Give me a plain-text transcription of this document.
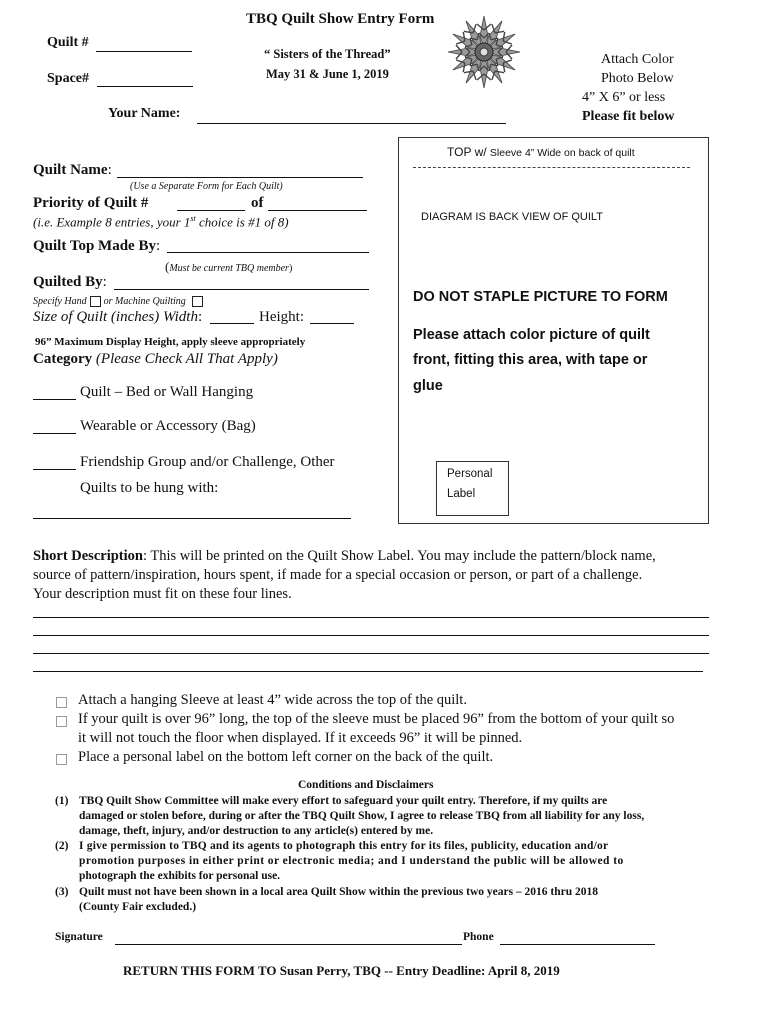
TBQ Quilt Show Entry Form
“ Sisters of the Thread”
May 31 & June 1, 2019
Quilt #
Space#
Attach Color
Photo Below
4” X 6” or less
Please fit below
Your Name:
Quilt Name:
(Use a Separate Form for Each Quilt)
Priority of Quilt #	of
(i.e. Example 8 entries, your 1st choice is #1 of 8)
Quilt Top Made By:
(Must be current TBQ member)
Quilted By:
Specify Hand or Machine Quilting
Size of Quilt (inches) Width:	Height:
96” Maximum Display Height, apply sleeve appropriately
Category (Please Check All That Apply)
Quilt – Bed or Wall Hanging
Wearable or Accessory (Bag)
Friendship Group and/or Challenge, Other
Quilts to be hung with:
TOP w/ Sleeve 4” Wide on back of quilt
DIAGRAM IS BACK VIEW OF QUILT
DO NOT STAPLE PICTURE TO FORM
Please attach color picture of quilt
front, fitting this area, with tape or
glue
Personal
Label
Short Description: This will be printed on the Quilt Show Label. You may include the pattern/block name,
source of pattern/inspiration, hours spent, if made for a special occasion or person, or part of a challenge.
Your description must fit on these four lines.
Attach a hanging Sleeve at least 4” wide across the top of the quilt.
If your quilt is over 96” long, the top of the sleeve must be placed 96” from the bottom of your quilt so
it will not touch the floor when displayed. If it exceeds 96” it will be pinned.
Place a personal label on the bottom left corner on the back of the quilt.
Conditions and Disclaimers
(1) TBQ Quilt Show Committee will make every effort to safeguard your quilt entry. Therefore, if my quilts are
damaged or stolen before, during or after the TBQ Quilt Show, I agree to release TBQ from all liability for any loss,
damage, theft, injury, and/or destruction to any article(s) entered by me.
(2) I give permission to TBQ and its agents to photograph this entry for its files, publicity, education and/or
promotion purposes in either print or electronic media; and I understand the public will be allowed to
photograph the exhibits for personal use.
(3) Quilt must not have been shown in a local area Quilt Show within the previous two years – 2016 thru 2018
(County Fair excluded.)
Signature	Phone
RETURN THIS FORM TO Susan Perry, TBQ -- Entry Deadline: April 8, 2019
